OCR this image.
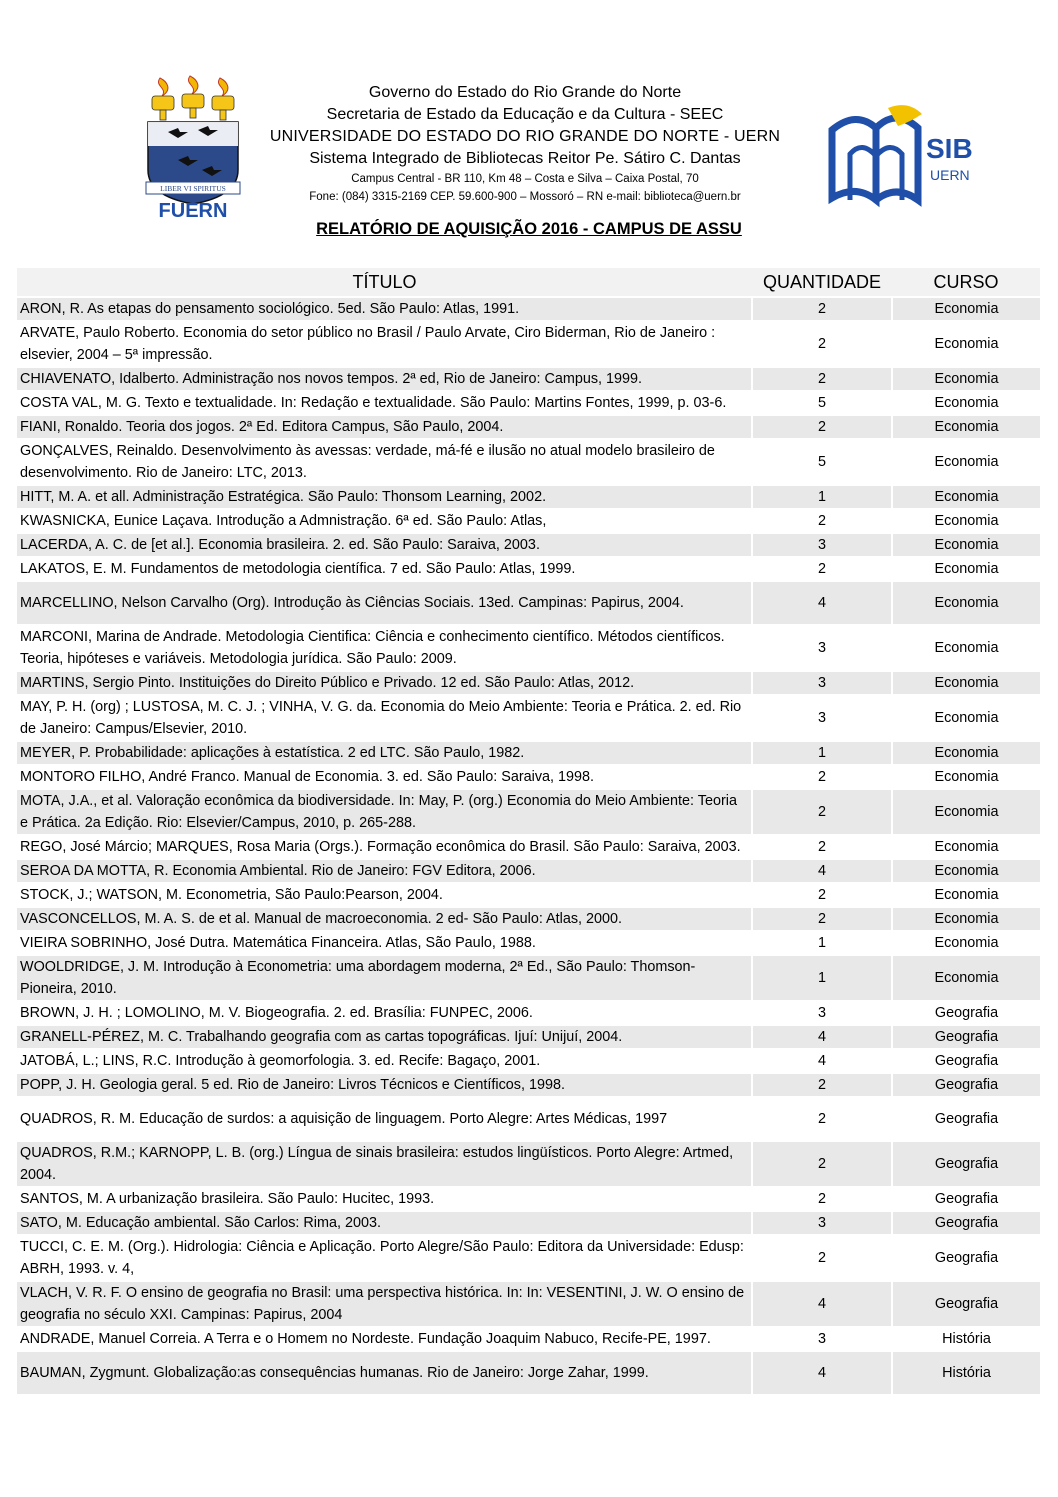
LIBER VI SPIRITUS
FUERN
Governo do Estado do Rio Grande do Norte
Secretaria de Estado da Educação e da Cultura - SEEC
UNIVERSIDADE DO ESTADO DO RIO GRANDE DO NORTE - UERN
Sistema Integrado de Bibliotecas Reitor Pe. Sátiro C. Dantas
Campus Central - BR 110, Km 48 – Costa e Silva – Caixa Postal, 70
Fone: (084) 3315-2169 CEP. 59.600-900 – Mossoró – RN e-mail: biblioteca@uern.br
SIB
UERN
RELATÓRIO DE AQUISIÇÃO 2016 - CAMPUS DE ASSU
TÍTULO	QUANTIDADE	CURSO
ARON, R. As etapas do pensamento sociológico. 5ed. São Paulo: Atlas, 1991.	2	Economia
ARVATE, Paulo Roberto. Economia do setor público no Brasil / Paulo Arvate, Ciro Biderman, Rio de Janeiro : elsevier, 2004 – 5ª impressão.	2	Economia
CHIAVENATO, Idalberto. Administração nos novos tempos. 2ª ed, Rio de Janeiro: Campus, 1999.	2	Economia
COSTA VAL, M. G. Texto e textualidade. In: Redação e textualidade. São Paulo: Martins Fontes, 1999, p. 03-6.	5	Economia
FIANI, Ronaldo. Teoria dos jogos. 2ª Ed. Editora Campus, São Paulo, 2004.	2	Economia
GONÇALVES, Reinaldo. Desenvolvimento às avessas: verdade, má-fé e ilusão no atual modelo brasileiro de desenvolvimento. Rio de Janeiro: LTC, 2013.	5	Economia
HITT, M. A. et all. Administração Estratégica. São Paulo: Thonsom Learning, 2002.	1	Economia
KWASNICKA, Eunice Laçava. Introdução a Admnistração. 6ª ed. São Paulo: Atlas,	2	Economia
LACERDA, A. C. de [et al.]. Economia brasileira. 2. ed. São Paulo: Saraiva, 2003.	3	Economia
LAKATOS, E. M. Fundamentos de metodologia científica. 7 ed. São Paulo: Atlas, 1999.	2	Economia
MARCELLINO, Nelson Carvalho (Org). Introdução às Ciências Sociais. 13ed. Campinas: Papirus, 2004.	4	Economia
MARCONI, Marina de Andrade. Metodologia Cientifica: Ciência e conhecimento científico. Métodos científicos. Teoria, hipóteses e variáveis. Metodologia jurídica. São Paulo: 2009.	3	Economia
MARTINS, Sergio Pinto. Instituições do Direito Público e Privado. 12 ed. São Paulo: Atlas, 2012.	3	Economia
MAY, P. H. (org) ; LUSTOSA, M. C. J. ; VINHA, V. G. da. Economia do Meio Ambiente: Teoria e Prática. 2. ed. Rio de Janeiro: Campus/Elsevier, 2010.	3	Economia
MEYER, P. Probabilidade: aplicações à estatística. 2 ed LTC. São Paulo, 1982.	1	Economia
MONTORO FILHO, André Franco. Manual de Economia. 3. ed. São Paulo: Saraiva, 1998.	2	Economia
MOTA, J.A., et al. Valoração econômica da biodiversidade. In: May, P. (org.) Economia do Meio Ambiente: Teoria e Prática. 2a Edição. Rio: Elsevier/Campus, 2010, p. 265-288.	2	Economia
REGO, José Márcio; MARQUES, Rosa Maria (Orgs.). Formação econômica do Brasil. São Paulo: Saraiva, 2003.	2	Economia
SEROA DA MOTTA, R. Economia Ambiental. Rio de Janeiro: FGV Editora, 2006.	4	Economia
STOCK, J.; WATSON, M. Econometria, São Paulo:Pearson, 2004.	2	Economia
VASCONCELLOS, M. A. S. de et al. Manual de macroeconomia. 2 ed- São Paulo: Atlas, 2000.	2	Economia
VIEIRA SOBRINHO, José Dutra. Matemática Financeira. Atlas, São Paulo, 1988.	1	Economia
WOOLDRIDGE, J. M. Introdução à Econometria: uma abordagem moderna, 2ª Ed., São Paulo: Thomson-Pioneira, 2010.	1	Economia
BROWN, J. H. ; LOMOLINO, M. V. Biogeografia. 2. ed. Brasília: FUNPEC, 2006.	3	Geografia
GRANELL-PÉREZ, M. C. Trabalhando geografia com as cartas topográficas. Ijuí: Unijuí, 2004.	4	Geografia
JATOBÁ, L.; LINS, R.C. Introdução à geomorfologia. 3. ed. Recife: Bagaço, 2001.	4	Geografia
POPP, J. H. Geologia geral. 5 ed. Rio de Janeiro: Livros Técnicos e Científicos, 1998.	2	Geografia
QUADROS, R. M. Educação de surdos: a aquisição de linguagem. Porto Alegre: Artes Médicas, 1997	2	Geografia
QUADROS, R.M.; KARNOPP, L. B. (org.) Língua de sinais brasileira: estudos lingüísticos. Porto Alegre: Artmed, 2004.	2	Geografia
SANTOS, M. A urbanização brasileira. São Paulo: Hucitec, 1993.	2	Geografia
SATO, M. Educação ambiental. São Carlos: Rima, 2003.	3	Geografia
TUCCI, C. E. M. (Org.). Hidrologia: Ciência e Aplicação. Porto Alegre/São Paulo: Editora da Universidade: Edusp: ABRH, 1993. v. 4,	2	Geografia
VLACH, V. R. F. O ensino de geografia no Brasil: uma perspectiva histórica. In: In: VESENTINI, J. W. O ensino de geografia no século XXI. Campinas: Papirus, 2004	4	Geografia
ANDRADE, Manuel Correia. A Terra e o Homem no Nordeste. Fundação Joaquim Nabuco, Recife-PE, 1997.	3	História
BAUMAN, Zygmunt. Globalização:as consequências humanas. Rio de Janeiro: Jorge Zahar, 1999.	4	História
